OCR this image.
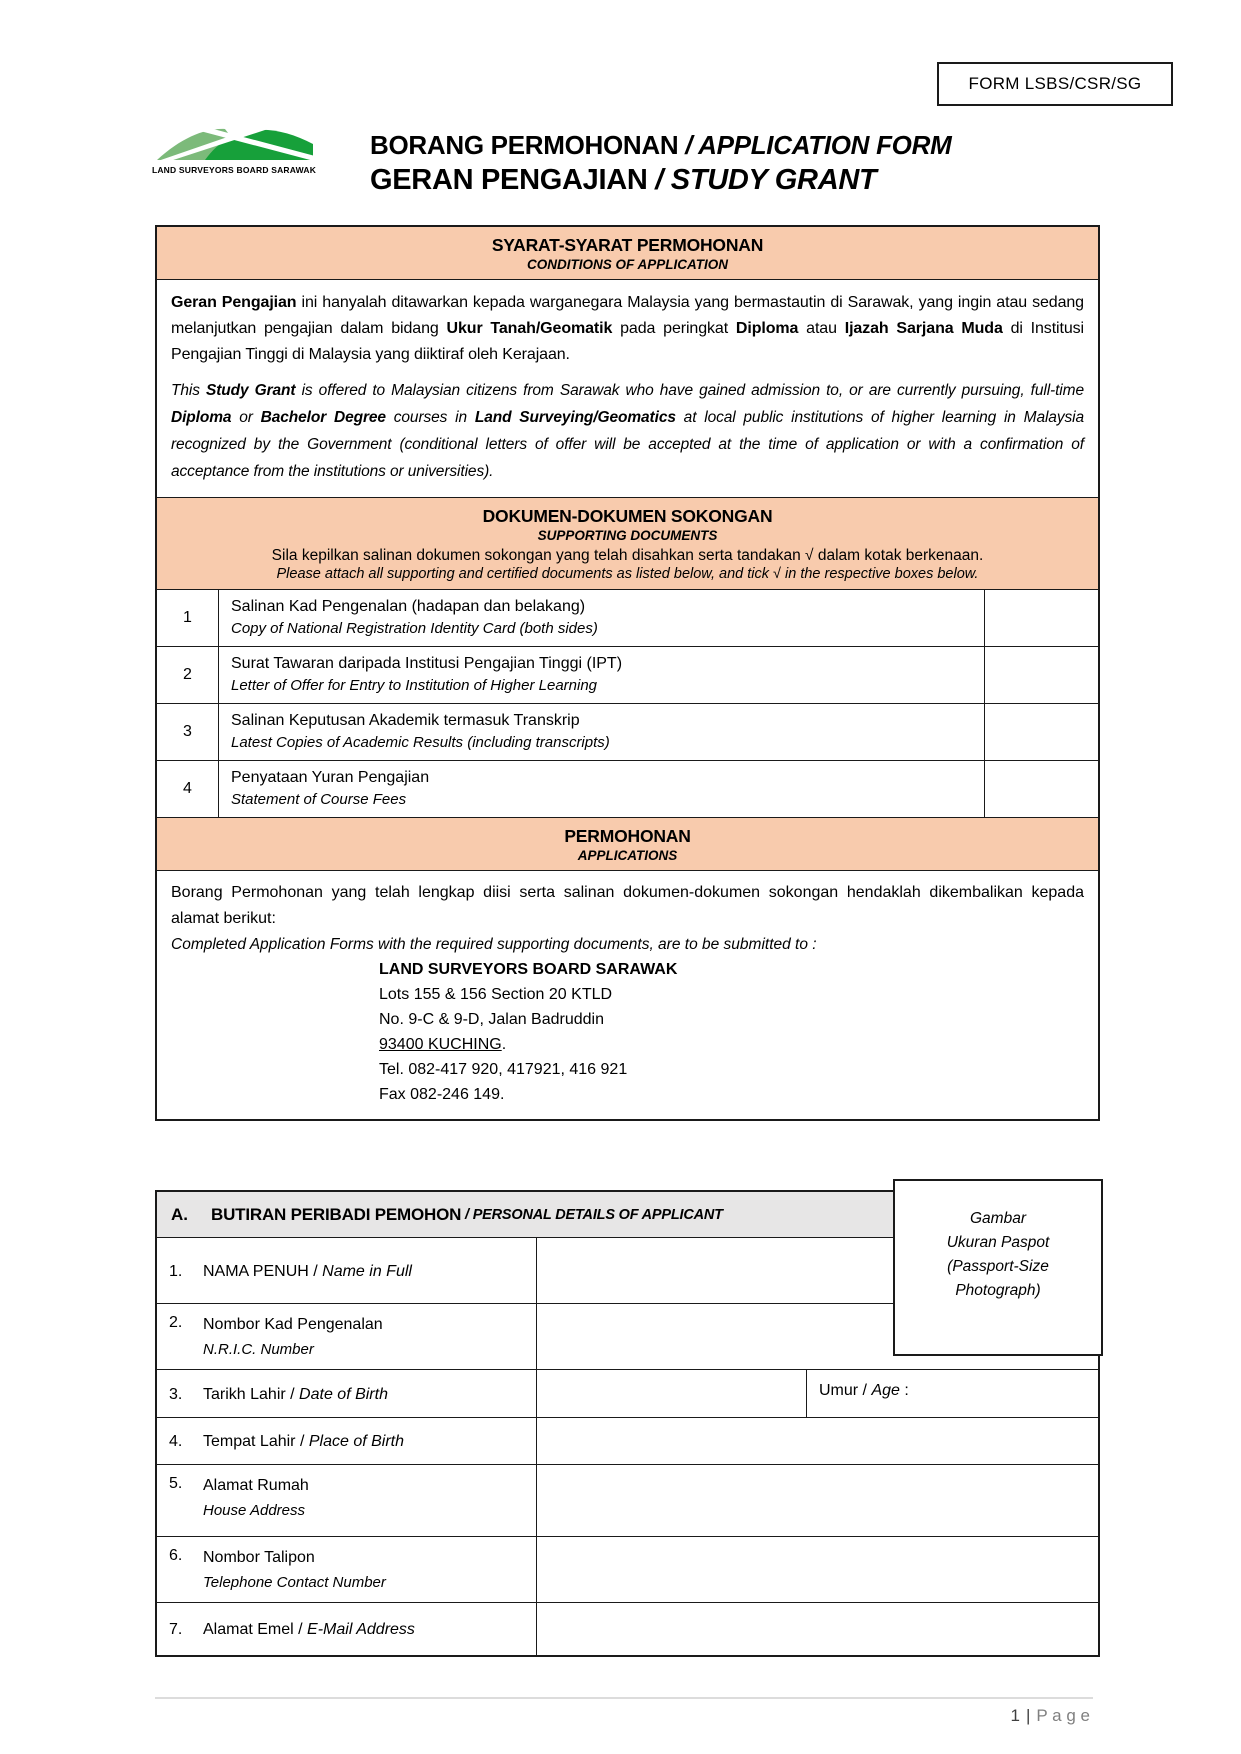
FORM LSBS/CSR/SG
LAND SURVEYORS BOARD SARAWAK
BORANG PERMOHONAN / APPLICATION FORM
GERAN PENGAJIAN / STUDY GRANT
SYARAT-SYARAT PERMOHONAN
CONDITIONS OF APPLICATION

Geran Pengajian ini hanyalah ditawarkan kepada warganegara Malaysia yang bermastautin di Sarawak, yang ingin atau sedang melanjutkan pengajian dalam bidang Ukur Tanah/Geomatik pada peringkat Diploma atau Ijazah Sarjana Muda di Institusi Pengajian Tinggi di Malaysia yang diiktiraf oleh Kerajaan.

This Study Grant is offered to Malaysian citizens from Sarawak who have gained admission to, or are currently pursuing, full-time Diploma or Bachelor Degree courses in Land Surveying/Geomatics at local public institutions of higher learning in Malaysia recognized by the Government (conditional letters of offer will be accepted at the time of application or with a confirmation of acceptance from the institutions or universities).

DOKUMEN-DOKUMEN SOKONGAN
SUPPORTING DOCUMENTS
Sila kepilkan salinan dokumen sokongan yang telah disahkan serta tandakan √ dalam kotak berkenaan.
Please attach all supporting and certified documents as listed below, and tick √ in the respective boxes below.
1
Salinan Kad Pengenalan (hadapan dan belakang)
Copy of National Registration Identity Card (both sides)
2
Surat Tawaran daripada Institusi Pengajian Tinggi (IPT)
Letter of Offer for Entry to Institution of Higher Learning
3
Salinan Keputusan Akademik termasuk Transkrip
Latest Copies of Academic Results (including transcripts)
4
Penyataan Yuran Pengajian
Statement of Course Fees
PERMOHONAN
APPLICATIONS

Borang Permohonan yang telah lengkap diisi serta salinan dokumen-dokumen sokongan hendaklah dikembalikan kepada alamat berikut:

Completed Application Forms with the required supporting documents, are to be submitted to :

LAND SURVEYORS BOARD SARAWAK
Lots 155 & 156 Section 20 KTLD
No. 9-C & 9-D, Jalan Badruddin
93400 KUCHING.
Tel. 082-417 920, 417921, 416 921
Fax 082-246 149.
A.	BUTIRAN PERIBADI PEMOHON / PERSONAL DETAILS OF APPLICANT
1.	NAMA PENUH / Name in Full
2.	Nombor Kad Pengenalan
N.R.I.C. Number
3.	Tarikh Lahir / Date of Birth	Umur / Age :
4.	Tempat Lahir / Place of Birth
5.	Alamat Rumah
House Address
6.	Nombor Talipon
Telephone Contact Number
7.	Alamat Emel / E-Mail Address
Gambar
Ukuran Paspot
(Passport-Size
Photograph)
1 | P a g e
